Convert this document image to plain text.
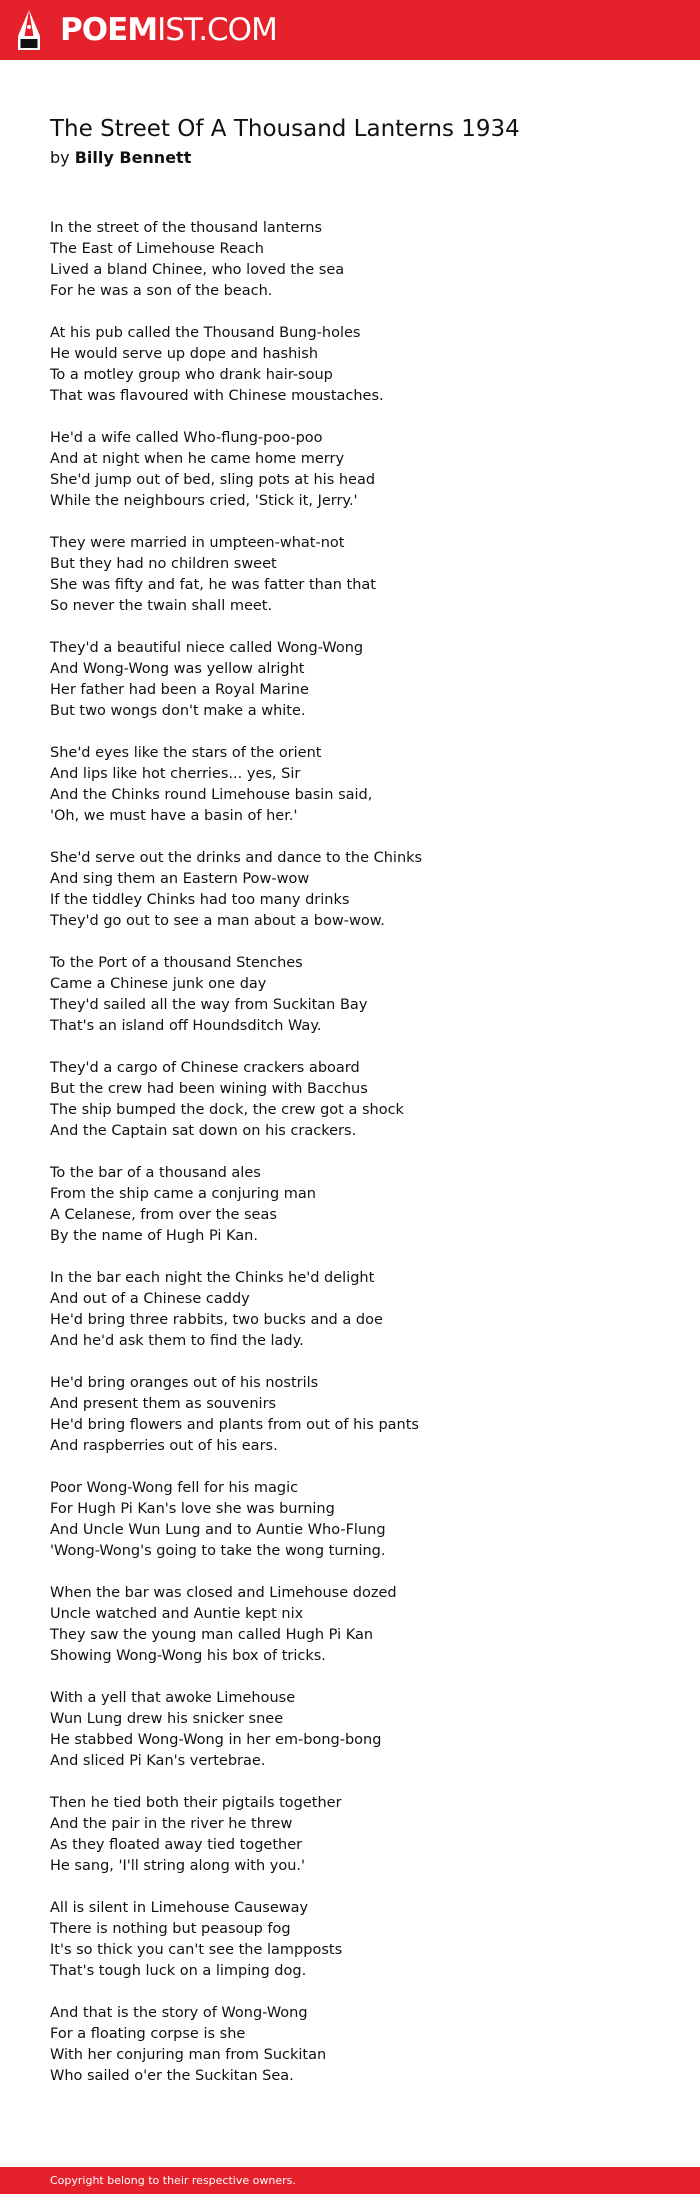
POEMIST.COM
The Street Of A Thousand Lanterns 1934
by Billy Bennett
In the street of the thousand lanterns
The East of Limehouse Reach
Lived a bland Chinee, who loved the sea
For he was a son of the beach.
At his pub called the Thousand Bung-holes
He would serve up dope and hashish
To a motley group who drank hair-soup
That was flavoured with Chinese moustaches.
He'd a wife called Who-flung-poo-poo
And at night when he came home merry
She'd jump out of bed, sling pots at his head
While the neighbours cried, 'Stick it, Jerry.'
They were married in umpteen-what-not
But they had no children sweet
She was fifty and fat, he was fatter than that
So never the twain shall meet.
They'd a beautiful niece called Wong-Wong
And Wong-Wong was yellow alright
Her father had been a Royal Marine
But two wongs don't make a white.
She'd eyes like the stars of the orient
And lips like hot cherries... yes, Sir
And the Chinks round Limehouse basin said,
'Oh, we must have a basin of her.'
She'd serve out the drinks and dance to the Chinks
And sing them an Eastern Pow-wow
If the tiddley Chinks had too many drinks
They'd go out to see a man about a bow-wow.
To the Port of a thousand Stenches
Came a Chinese junk one day
They'd sailed all the way from Suckitan Bay
That's an island off Houndsditch Way.
They'd a cargo of Chinese crackers aboard
But the crew had been wining with Bacchus
The ship bumped the dock, the crew got a shock
And the Captain sat down on his crackers.
To the bar of a thousand ales
From the ship came a conjuring man
A Celanese, from over the seas
By the name of Hugh Pi Kan.
In the bar each night the Chinks he'd delight
And out of a Chinese caddy
He'd bring three rabbits, two bucks and a doe
And he'd ask them to find the lady.
He'd bring oranges out of his nostrils
And present them as souvenirs
He'd bring flowers and plants from out of his pants
And raspberries out of his ears.
Poor Wong-Wong fell for his magic
For Hugh Pi Kan's love she was burning
And Uncle Wun Lung and to Auntie Who-Flung
'Wong-Wong's going to take the wong turning.
When the bar was closed and Limehouse dozed
Uncle watched and Auntie kept nix
They saw the young man called Hugh Pi Kan
Showing Wong-Wong his box of tricks.
With a yell that awoke Limehouse
Wun Lung drew his snicker snee
He stabbed Wong-Wong in her em-bong-bong
And sliced Pi Kan's vertebrae.
Then he tied both their pigtails together
And the pair in the river he threw
As they floated away tied together
He sang, 'I'll string along with you.'
All is silent in Limehouse Causeway
There is nothing but peasoup fog
It's so thick you can't see the lampposts
That's tough luck on a limping dog.
And that is the story of Wong-Wong
For a floating corpse is she
With her conjuring man from Suckitan
Who sailed o'er the Suckitan Sea.
Copyright belong to their respective owners.
